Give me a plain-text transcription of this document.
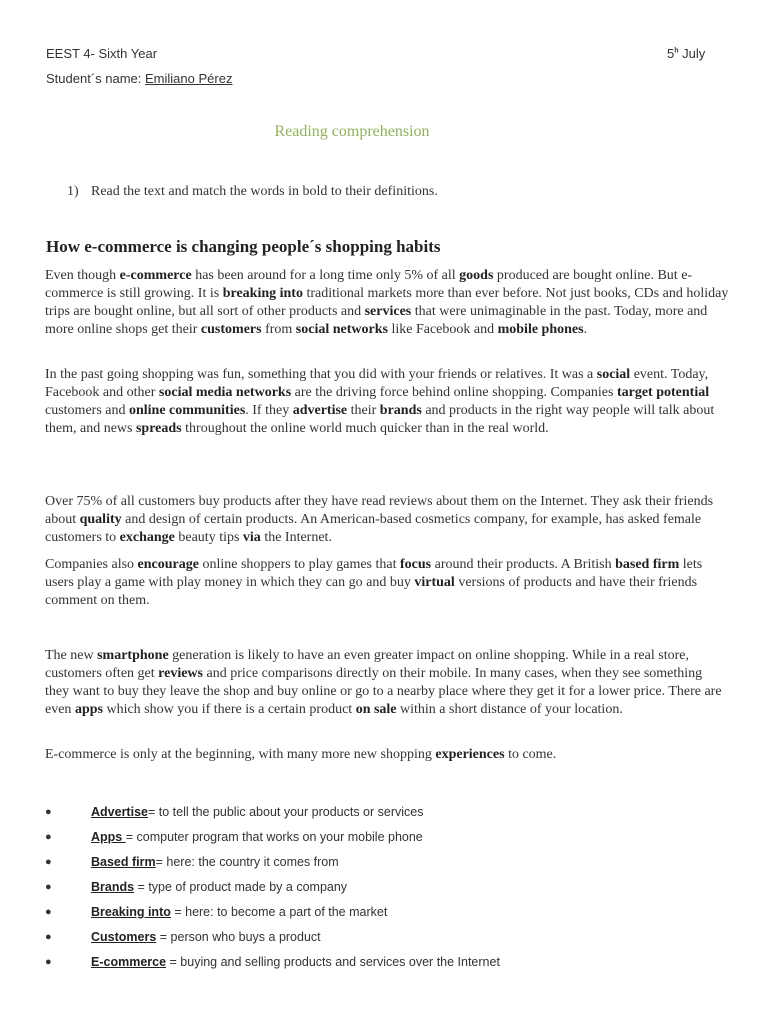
EEST 4- Sixth Year	5$^h$ July
Student´s name: Emiliano Pérez
Reading comprehension
1) Read the text and match the words in bold to their definitions.
How e-commerce is changing people´s shopping habits
Even though e-commerce has been around for a long time only 5% of all goods produced are bought online. But e-commerce is still growing. It is breaking into traditional markets more than ever before. Not just books, CDs and holiday trips are bought online, but all sort of other products and services that were unimaginable in the past. Today, more and more online shops get their customers from social networks like Facebook and mobile phones.
In the past going shopping was fun, something that you did with your friends or relatives. It was a social event. Today, Facebook and other social media networks are the driving force behind online shopping. Companies target potential customers and online communities. If they advertise their brands and products in the right way people will talk about them, and news spreads throughout the online world much quicker than in the real world.
Over 75% of all customers buy products after they have read reviews about them on the Internet. They ask their friends about quality and design of certain products. An American-based cosmetics company, for example, has asked female customers to exchange beauty tips via the Internet.
Companies also encourage online shoppers to play games that focus around their products. A British based firm lets users play a game with play money in which they can go and buy virtual versions of products and have their friends comment on them.
The new smartphone generation is likely to have an even greater impact on online shopping. While in a real store, customers often get reviews and price comparisons directly on their mobile. In many cases, when they see something they want to buy they leave the shop and buy online or go to a nearby place where they get it for a lower price. There are even apps which show you if there is a certain product on sale within a short distance of your location.
E-commerce is only at the beginning, with many more new shopping experiences to come.
●	Advertise= to tell the public about your products or services
●	Apps = computer program that works on your mobile phone
●	Based firm= here: the country it comes from
●	Brands = type of product made by a company
●	Breaking into = here: to become a part of the market
●	Customers = person who buys a product
●	E-commerce = buying and selling products and services over the Internet
